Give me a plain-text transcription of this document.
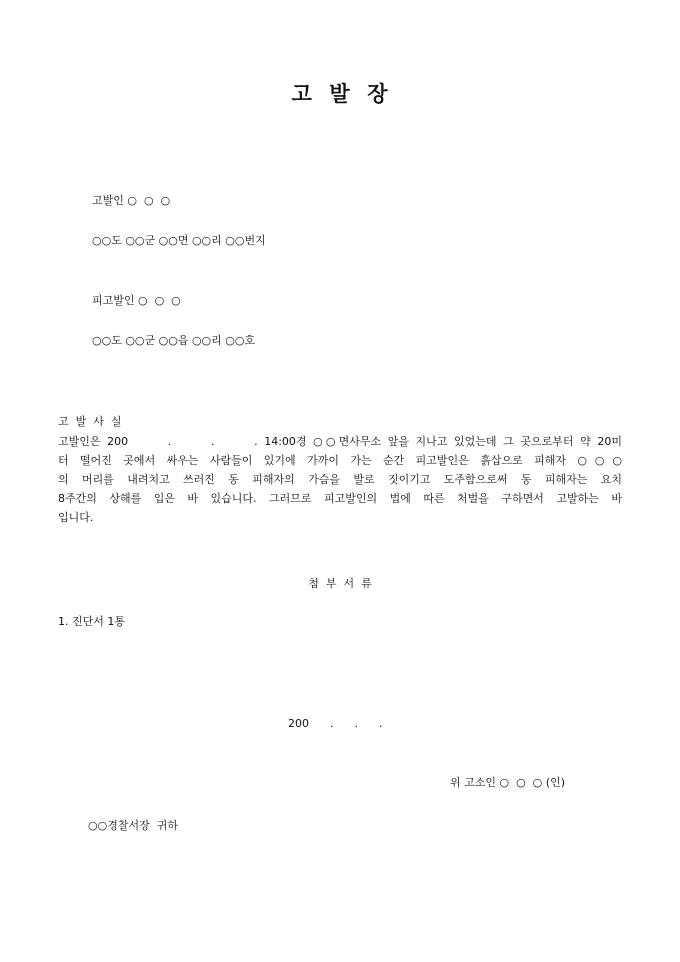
고  발  장
고발인 ○  ○  ○
○○도 ○○군 ○○면 ○○리 ○○번지
피고발인 ○  ○  ○
○○도 ○○군 ○○읍 ○○리 ○○호
고  발  사  실
고발인은 200      .      .      . 14:00경 ○○면사무소 앞을 지나고 있었는데 그 곳으로부터 약 20미
터 떨어진 곳에서 싸우는 사람들이 있기에 가까이 가는 순간 피고발인은 흙삽으로 피해자 ○○○
의 머리를 내려치고 쓰러진 동 피해자의 가슴을 발로 짓이기고 도주함으로써 동 피해자는 요치
8주간의 상해를 입은 바 있습니다. 그러므로 피고발인의 법에 따른 처벌을 구하면서 고발하는 바
입니다.
첨  부  서  류
1. 진단서 1통
200      .      .      .
위 고소인 ○  ○  ○ (인)
○○경찰서장  귀하
